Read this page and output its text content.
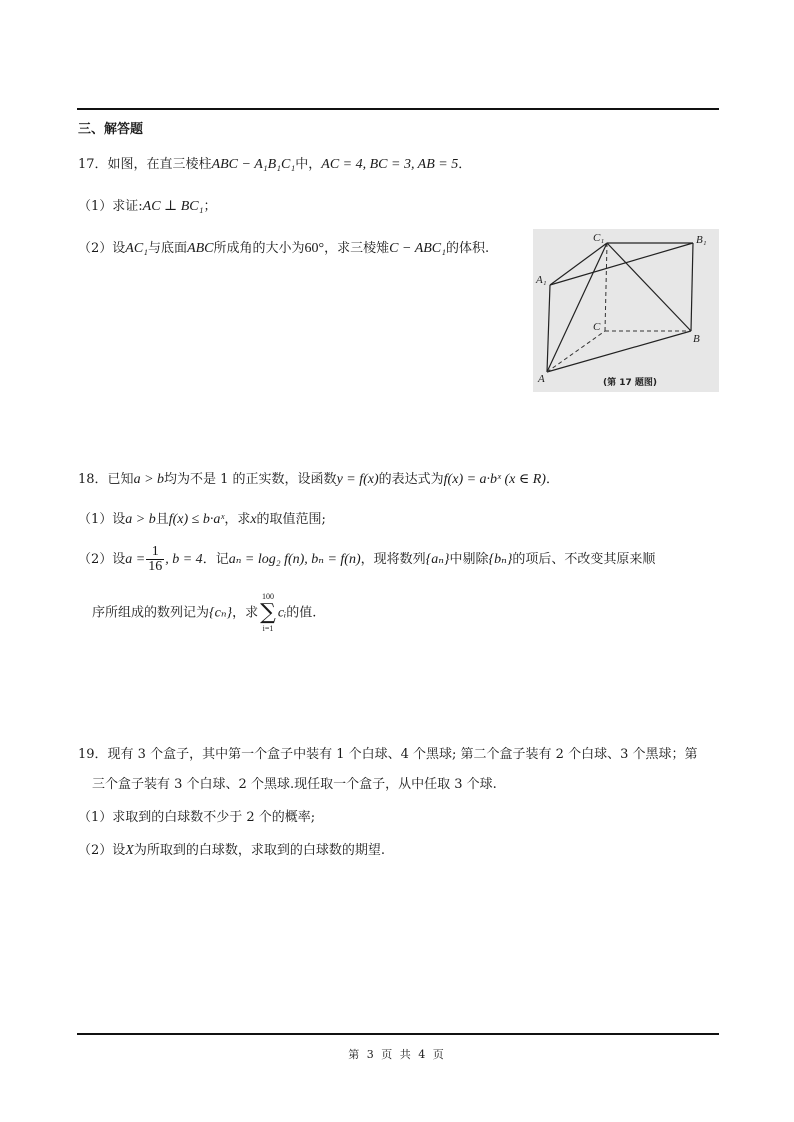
三、解答题
17．如图，在直三棱柱ABC − A₁B₁C₁中，AC = 4, BC = 3, AB = 5．
（1）求证:AC ⊥ BC₁；
（2）设AC₁与底面ABC所成角的大小为60°，求三棱雉C − ABC₁的体积.
C₁	B₁
A₁
C
B
A	(第 17 题图)
18．已知a > b均为不是 1 的正实数，设函数y = f(x)的表达式为f(x) = a·bˣ (x ∈ R)．
（1）设a > b且f(x) ≤ b·aˣ，求x的取值范围;
（2）设$a = \frac{1}{16}$ , b = 4．记aₙ = log₂ f(n), bₙ = f(n)，现将数列{aₙ}中剔除{bₙ}的项后、不改变其原来顺
序所组成的数列记为{cₙ}，求
100
∑
i=1
cᵢ的值.
19．现有 3 个盒子，其中第一个盒子中装有 1 个白球、4 个黑球; 第二个盒子装有 2 个白球、3 个黑球；第
三个盒子装有 3 个白球、2 个黑球.现任取一个盒子，从中任取 3 个球.
（1）求取到的白球数不少于 2 个的概率;
（2）设X为所取到的白球数，求取到的白球数的期望.
第 3 页 共 4 页
